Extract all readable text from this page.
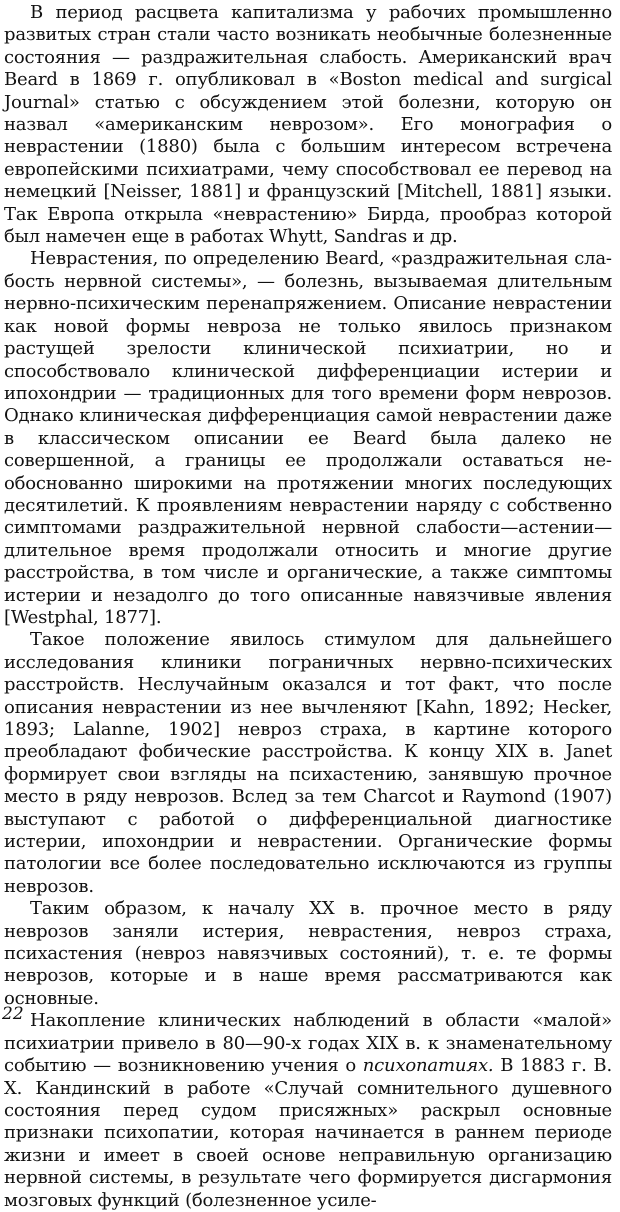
В период расцвета капитализма у рабочих промышленно развитых стран стали часто возникать необычные болезненные состояния — раздражительная слабость. Американский врач Beard в 1869 г. опубликовал в «Boston medical and surgical Journal» статью с обсуждением этой болезни, которую он назвал «американским неврозом». Его монография о неврастении (1880) была с большим интересом встречена европейскими психиатрами, чему способствовал ее перевод на немецкий [Neisser, 1881] и французский [Mitchell, 1881] языки. Так Европа открыла «неврастению» Бирда, прообраз которой был намечен еще в работах Whytt, Sandras и др.

Неврастения, по определению Beard, «раздражительная слабость нервной системы», — болезнь, вызываемая длительным нервно-психическим перенапряжением. Описание неврастении как новой формы невроза не только явилось признаком растущей зрелости клинической психиатрии, но и способствовало клинической дифференциации истерии и ипохондрии — традиционных для того времени форм неврозов. Однако клиническая дифференциация самой неврастении даже в классическом описании ее Beard была далеко не совершенной, а границы ее продолжали оставаться необоснованно широкими на протяжении многих последующих десятилетий. К проявлениям неврастении наряду с собственно симптомами раздражительной нервной слабости—астении—длительное время продолжали относить и многие другие расстройства, в том числе и органические, а также симптомы истерии и незадолго до того описанные навязчивые явления [Westphal, 1877].

Такое положение явилось стимулом для дальнейшего исследования клиники пограничных нервно-психических расстройств. Неслучайным оказался и тот факт, что после описания неврастении из нее вычленяют [Kahn, 1892; Hecker, 1893; Lalanne, 1902] невроз страха, в картине которого преобладают фобические расстройства. К концу XIX в. Janet формирует свои взгляды на психастению, занявшую прочное место в ряду неврозов. Вслед за тем Charcot и Raymond (1907) выступают с работой о дифференциальной диагностике истерии, ипохондрии и неврастении. Органические формы патологии все более последовательно исключаются из группы неврозов.

Таким образом, к началу XX в. прочное место в ряду неврозов заняли истерия, неврастения, невроз страха, психастения (невроз навязчивых состояний), т. е. те формы неврозов, которые и в наше время рассматриваются как основные.

Накопление клинических наблюдений в области «малой» психиатрии привело в 80—90-х годах XIX в. к знаменательному событию — возникновению учения о психопатиях. В 1883 г. В. Х. Кандинский в работе «Случай сомнительного душевного состояния перед судом присяжных» раскрыл основные признаки психопатии, которая начинается в раннем периоде жизни и имеет в своей основе неправильную организацию нервной системы, в результате чего формируется дисгармония мозговых функций (болезненное усиле-

22
